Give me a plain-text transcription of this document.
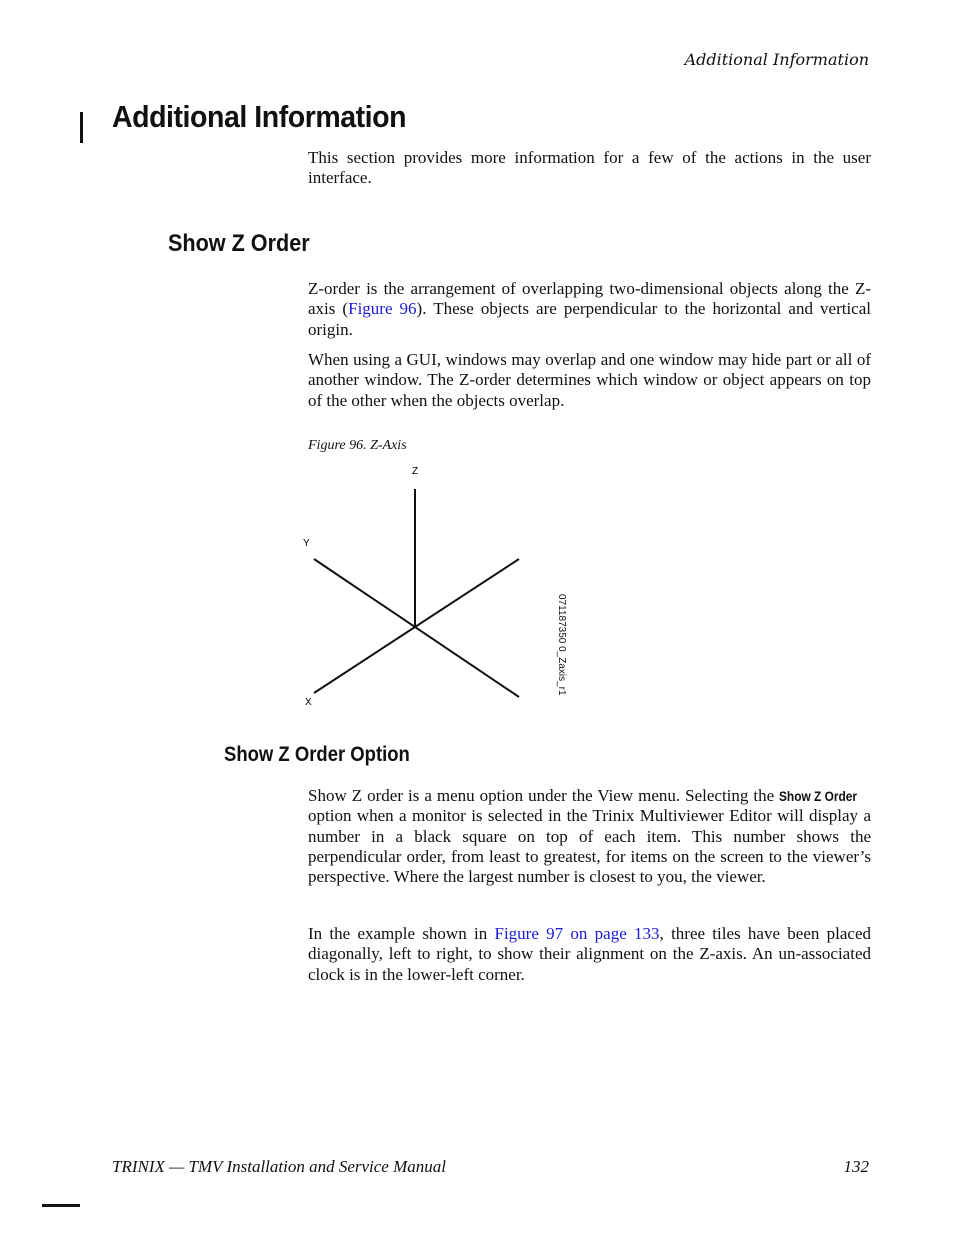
Additional Information
Additional Information

This section provides more information for a few of the actions in the user interface.

Show Z Order

Z-order is the arrangement of overlapping two-dimensional objects along the Z-axis (Figure 96). These objects are perpendicular to the horizontal and vertical origin.

When using a GUI, windows may overlap and one window may hide part or all of another window. The Z-order determines which window or object appears on top of the other when the objects overlap.

Figure 96. Z-Axis

Z
Y
X
071187350 0_Zaxis_r1
Show Z Order Option

Show Z order is a menu option under the View menu. Selecting the Show Z Order option when a monitor is selected in the Trinix Multiviewer Editor will display a number in a black square on top of each item. This number shows the perpendicular order, from least to greatest, for items on the screen to the viewer’s perspective. Where the largest number is closest to you, the viewer.

In the example shown in Figure 97 on page 133, three tiles have been placed diagonally, left to right, to show their alignment on the Z-axis. An un-associated clock is in the lower-left corner.

TRINIX — TMV Installation and Service Manual	132
